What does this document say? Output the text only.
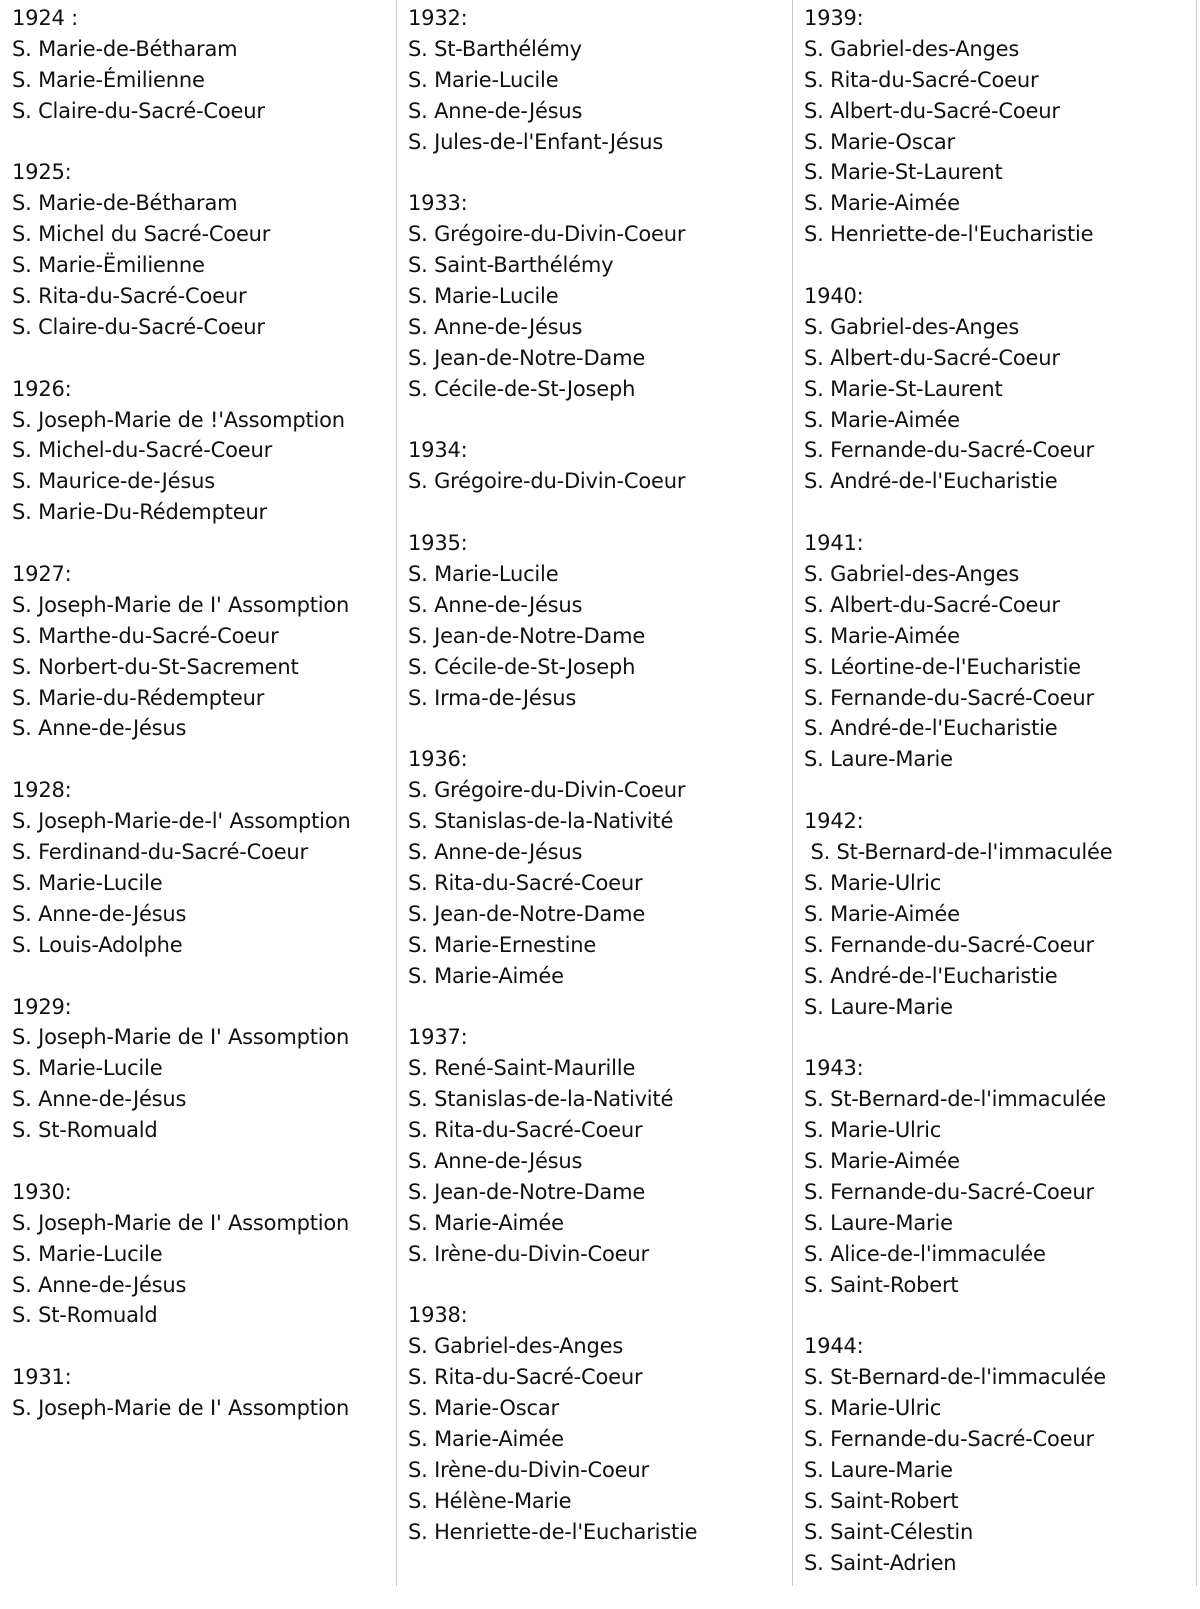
1924 :
S. Marie-de-Bétharam
S. Marie-Émilienne
S. Claire-du-Sacré-Coeur
1925:
S. Marie-de-Bétharam
S. Michel du Sacré-Coeur
S. Marie-Ëmilienne
S. Rita-du-Sacré-Coeur
S. Claire-du-Sacré-Coeur
1926:
S. Joseph-Marie de !'Assomption
S. Michel-du-Sacré-Coeur
S. Maurice-de-Jésus
S. Marie-Du-Rédempteur
1927:
S. Joseph-Marie de I' Assomption
S. Marthe-du-Sacré-Coeur
S. Norbert-du-St-Sacrement
S. Marie-du-Rédempteur
S. Anne-de-Jésus
1928:
S. Joseph-Marie-de-l' Assomption
S. Ferdinand-du-Sacré-Coeur
S. Marie-Lucile
S. Anne-de-Jésus
S. Louis-Adolphe
1929:
S. Joseph-Marie de I' Assomption
S. Marie-Lucile
S. Anne-de-Jésus
S. St-Romuald
1930:
S. Joseph-Marie de I' Assomption
S. Marie-Lucile
S. Anne-de-Jésus
S. St-Romuald
1931:
S. Joseph-Marie de I' Assomption
1932:
S. St-Barthélémy
S. Marie-Lucile
S. Anne-de-Jésus
S. Jules-de-l'Enfant-Jésus
1933:
S. Grégoire-du-Divin-Coeur
S. Saint-Barthélémy
S. Marie-Lucile
S. Anne-de-Jésus
S. Jean-de-Notre-Dame
S. Cécile-de-St-Joseph
1934:
S. Grégoire-du-Divin-Coeur
1935:
S. Marie-Lucile
S. Anne-de-Jésus
S. Jean-de-Notre-Dame
S. Cécile-de-St-Joseph
S. Irma-de-Jésus
1936:
S. Grégoire-du-Divin-Coeur
S. Stanislas-de-la-Nativité
S. Anne-de-Jésus
S. Rita-du-Sacré-Coeur
S. Jean-de-Notre-Dame
S. Marie-Ernestine
S. Marie-Aimée
1937:
S. René-Saint-Maurille
S. Stanislas-de-la-Nativité
S. Rita-du-Sacré-Coeur
S. Anne-de-Jésus
S. Jean-de-Notre-Dame
S. Marie-Aimée
S. Irène-du-Divin-Coeur
1938:
S. Gabriel-des-Anges
S. Rita-du-Sacré-Coeur
S. Marie-Oscar
S. Marie-Aimée
S. Irène-du-Divin-Coeur
S. Hélène-Marie
S. Henriette-de-l'Eucharistie
1939:
S. Gabriel-des-Anges
S. Rita-du-Sacré-Coeur
S. Albert-du-Sacré-Coeur
S. Marie-Oscar
S. Marie-St-Laurent
S. Marie-Aimée
S. Henriette-de-l'Eucharistie
1940:
S. Gabriel-des-Anges
S. Albert-du-Sacré-Coeur
S. Marie-St-Laurent
S. Marie-Aimée
S. Fernande-du-Sacré-Coeur
S. André-de-l'Eucharistie
1941:
S. Gabriel-des-Anges
S. Albert-du-Sacré-Coeur
S. Marie-Aimée
S. Léortine-de-l'Eucharistie
S. Fernande-du-Sacré-Coeur
S. André-de-l'Eucharistie
S. Laure-Marie
1942:
S. St-Bernard-de-l'immaculée
S. Marie-Ulric
S. Marie-Aimée
S. Fernande-du-Sacré-Coeur
S. André-de-l'Eucharistie
S. Laure-Marie
1943:
S. St-Bernard-de-l'immaculée
S. Marie-Ulric
S. Marie-Aimée
S. Fernande-du-Sacré-Coeur
S. Laure-Marie
S. Alice-de-l'immaculée
S. Saint-Robert
1944:
S. St-Bernard-de-l'immaculée
S. Marie-Ulric
S. Fernande-du-Sacré-Coeur
S. Laure-Marie
S. Saint-Robert
S. Saint-Célestin
S. Saint-Adrien
